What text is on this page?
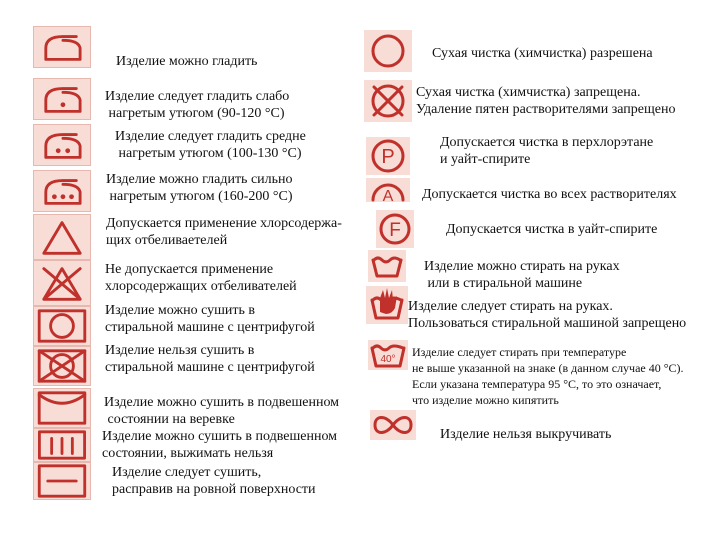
Изделие можно гладить
Изделие следует гладить слабо
нагретым утюгом (90-120 °С)
Изделие следует гладить средне
нагретым утюгом (100-130 °С)
Изделие можно гладить сильно
нагретым утюгом (160-200 °С)
Допускается применение хлорсодержа-
щих отбеливаетелей
Не допускается применение
хлорсодержащих отбеливателей
Изделие можно сушить в
стиральной машине с центрифугой
Изделие нельзя сушить в
стиральной машине с центрифугой
Изделие можно сушить в подвешенном
состоянии на веревке
Изделие можно сушить в подвешенном
состоянии, выжимать нельзя
Изделие следует сушить,
расправив на ровной поверхности
P
A
F
40°
Сухая чистка (химчистка) разрешена
Сухая чистка (химчистка) запрещена.
Удаление пятен растворителями запрещено
Допускается чистка в перхлорэтане
и уайт-спирите
Допускается чистка во всех растворителях
Допускается чистка в уайт-спирите
Изделие можно стирать на руках
или в стиральной машине
Изделие следует стирать на руках.
Пользоваться стиральной машиной запрещено
Изделие следует стирать при температуре
не выше указанной на знаке (в данном случае 40 °С).
Если указана температура 95 °С, то это означает,
что изделие можно кипятить
Изделие нельзя выкручивать
